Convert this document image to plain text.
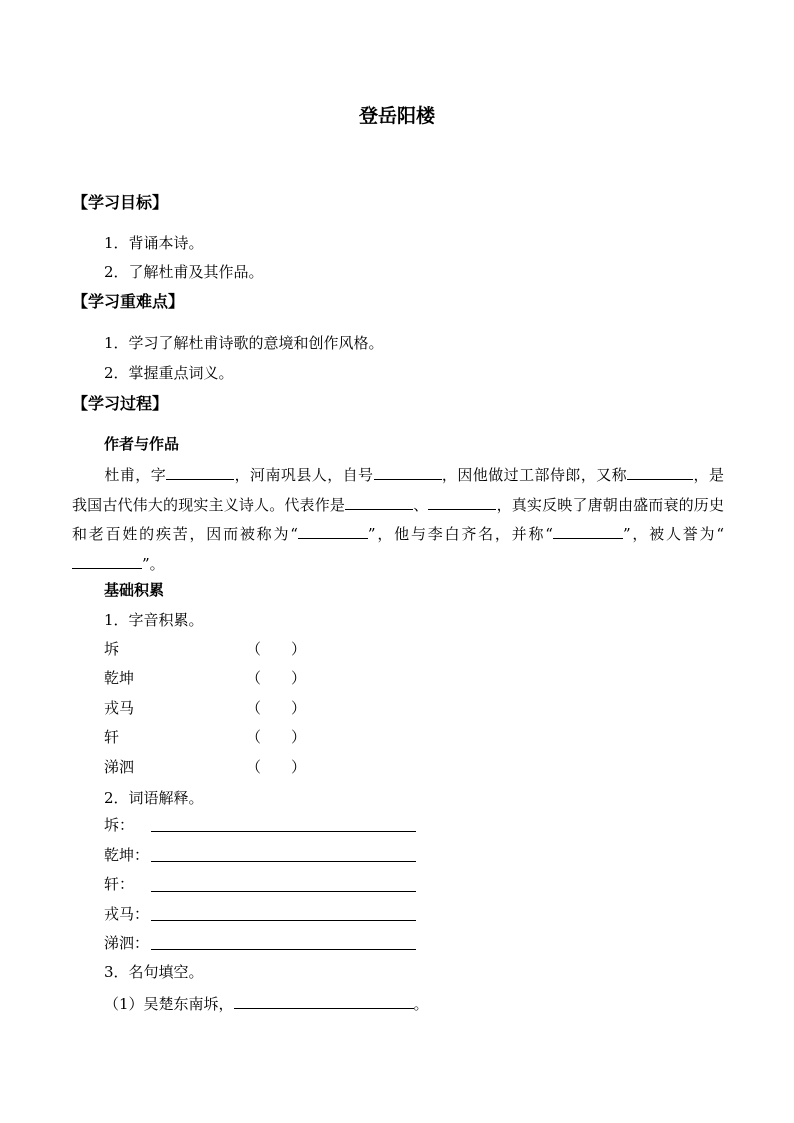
登岳阳楼
【学习目标】
1．背诵本诗。
2．了解杜甫及其作品。
【学习重难点】
1．学习了解杜甫诗歌的意境和创作风格。
2．掌握重点词义。
【学习过程】
作者与作品
杜甫，字	，河南巩县人，自号	，因他做过工部侍郎，又称	，是我国古代伟大的现实主义诗人。代表作是	、	，真实反映了唐朝由盛而衰的历史和老百姓的疾苦，因而被称为“	”，他与李白齐名，并称“	”，被人誉为“”。
基础积累
1．字音积累。
坼	（　　）
乾坤	（　　）
戎马	（　　）
轩	（　　）
涕泗	（　　）
2．词语解释。
坼：
乾坤：
轩：
戎马：
涕泗：
3．名句填空。
（1）吴楚东南坼，	。
